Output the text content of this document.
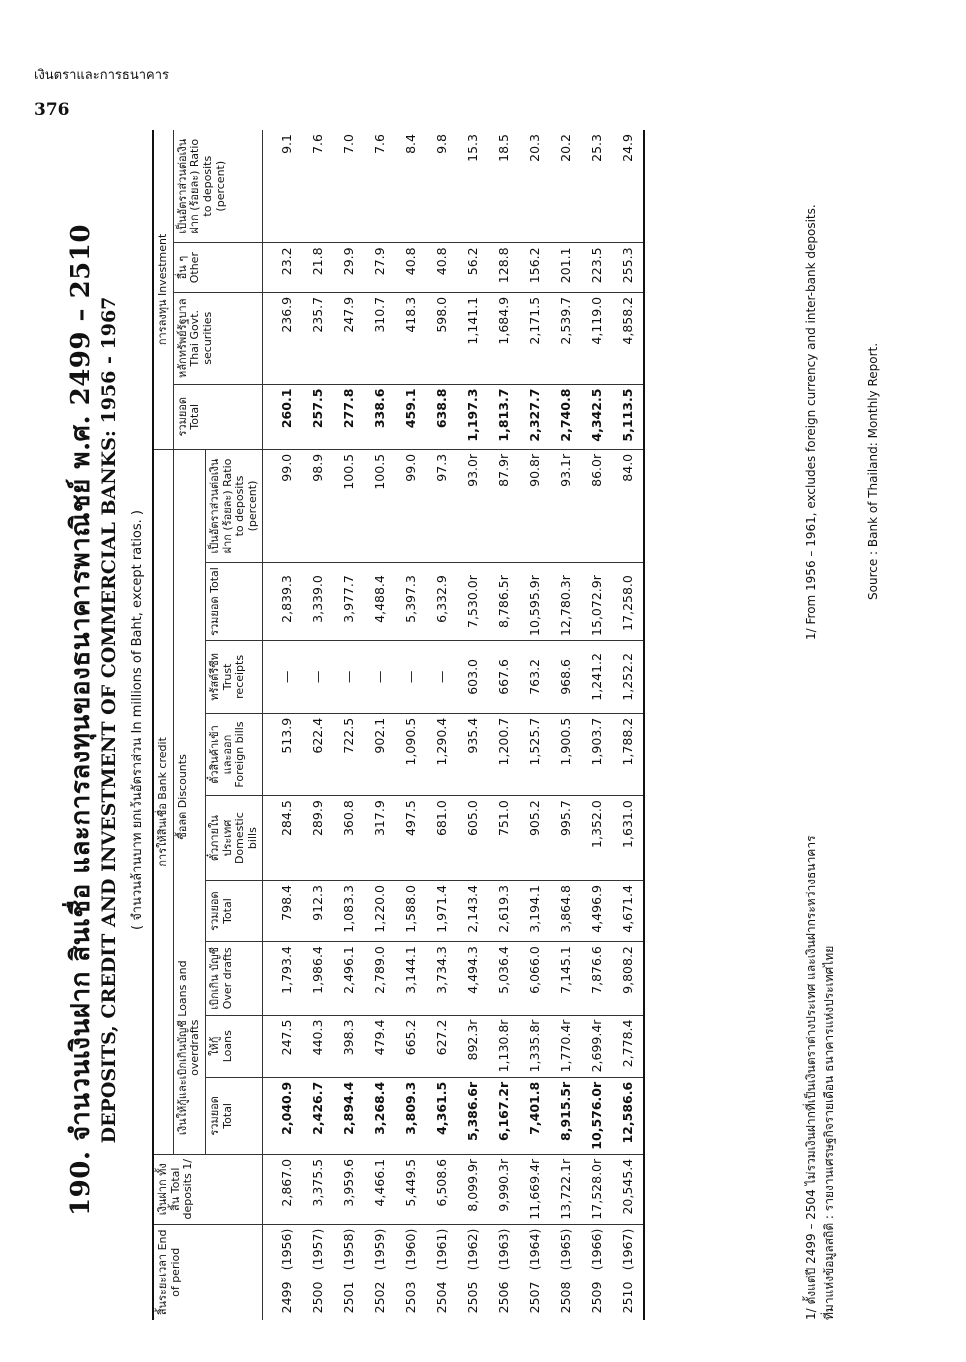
เงินตราและการธนาคาร
376
190. จำนวนเงินฝาก สินเชื่อ และการลงทุนของธนาคารพาณิชย์ พ.ศ. 2499 – 2510 DEPOSITS, CREDIT AND INVESTMENT OF COMMERCIAL BANKS: 1956 - 1967 ( จำนวนล้านบาท ยกเว้นอัตราส่วน In millions of Baht, except ratios. )
สิ้นระยะเวลา End of period		เงินฝาก ทั้งสิ้น Total deposits 1/	การให้สินเชื่อ Bank credit										การลงทุน Investment			
			เงินให้กู้และเบิกเกินบัญชี Loans and overdrafts				ซื้อลด Discounts						รวมยอด Total	หลักทรัพย์รัฐบาล Thai Govt. securities	อื่น ๆ Other	เป็นอัตราส่วนต่อเงินฝาก (ร้อยละ) Ratio to deposits (percent)
			รวมยอด Total	ให้กู้ Loans	เบิกเกิน บัญชี Over drafts	รวมยอด Total	ตั๋วภายใน ประเทศ Domestic bills	ตั๋วสินค้าเข้า และออก Foreign bills	ทรัสต์รีซีท Trust receipts	รวมยอด Total		เป็นอัตราส่วนต่อเงินฝาก (ร้อยละ) Ratio to deposits (percent)				
2499	(1956)	2,867.0	2,040.9	247.5	1,793.4	798.4	284.5	513.9	—	2,839.3		99.0	260.1	236.9	23.2	9.1
2500	(1957)	3,375.5	2,426.7	440.3	1,986.4	912.3	289.9	622.4	—	3,339.0		98.9	257.5	235.7	21.8	7.6
2501	(1958)	3,959.6	2,894.4	398.3	2,496.1	1,083.3	360.8	722.5	—	3,977.7		100.5	277.8	247.9	29.9	7.0
2502	(1959)	4,466.1	3,268.4	479.4	2,789.0	1,220.0	317.9	902.1	—	4,488.4		100.5	338.6	310.7	27.9	7.6
2503	(1960)	5,449.5	3,809.3	665.2	3,144.1	1,588.0	497.5	1,090.5	—	5,397.3		99.0	459.1	418.3	40.8	8.4
2504	(1961)	6,508.6	4,361.5	627.2	3,734.3	1,971.4	681.0	1,290.4	—	6,332.9		97.3	638.8	598.0	40.8	9.8
2505	(1962)	8,099.9r	5,386.6r	892.3r	4,494.3	2,143.4	605.0	935.4	603.0	7,530.0r		93.0r	1,197.3	1,141.1	56.2	15.3
2506	(1963)	9,990.3r	6,167.2r	1,130.8r	5,036.4	2,619.3	751.0	1,200.7	667.6	8,786.5r		87.9r	1,813.7	1,684.9	128.8	18.5
2507	(1964)	11,669.4r	7,401.8	1,335.8r	6,066.0	3,194.1	905.2	1,525.7	763.2	10,595.9r		90.8r	2,327.7	2,171.5	156.2	20.3
2508	(1965)	13,722.1r	8,915.5r	1,770.4r	7,145.1	3,864.8	995.7	1,900.5	968.6	12,780.3r		93.1r	2,740.8	2,539.7	201.1	20.2
2509	(1966)	17,528.0r	10,576.0r	2,699.4r	7,876.6	4,496.9	1,352.0	1,903.7	1,241.2	15,072.9r		86.0r	4,342.5	4,119.0	223.5	25.3
2510	(1967)	20,545.4	12,586.6	2,778.4	9,808.2	4,671.4	1,631.0	1,788.2	1,252.2	17,258.0		84.0	5,113.5	4,858.2	255.3	24.9
1/ ตั้งแต่ปี 2499 – 2504 ไม่รวมเงินฝากที่เป็นเงินตราต่างประเทศ และเงินฝากระหว่างธนาคาร ที่มาแห่งข้อมูลสถิติ : รายงานเศรษฐกิจรายเดือน ธนาคารแห่งประเทศไทย
1/ From 1956 – 1961, excludes foreign currency and inter-bank deposits.	Source : Bank of Thailand: Monthly Report.
